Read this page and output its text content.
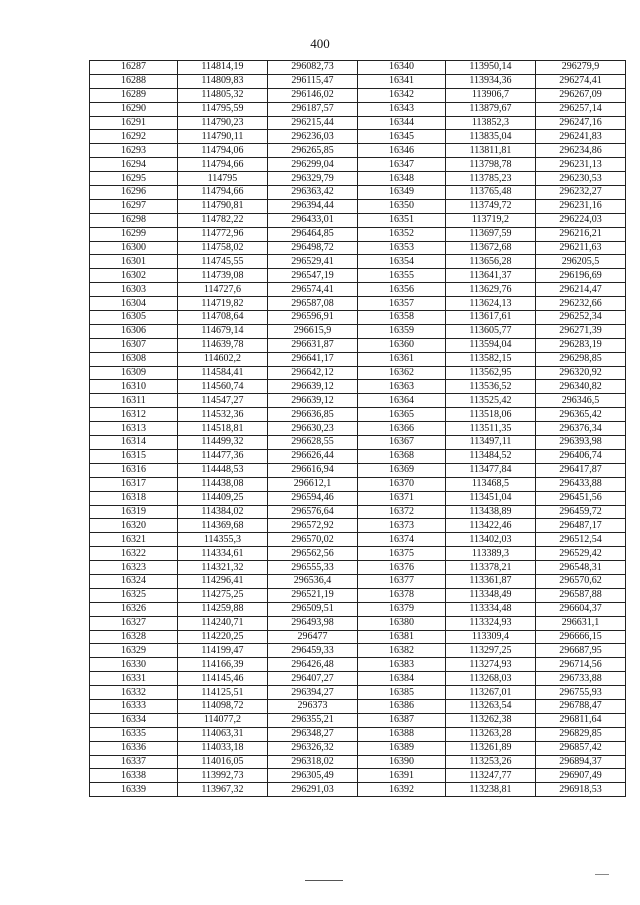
400
16287	114814,19	296082,73	16340	113950,14	296279,9
16288	114809,83	296115,47	16341	113934,36	296274,41
16289	114805,32	296146,02	16342	113906,7	296267,09
16290	114795,59	296187,57	16343	113879,67	296257,14
16291	114790,23	296215,44	16344	113852,3	296247,16
16292	114790,11	296236,03	16345	113835,04	296241,83
16293	114794,06	296265,85	16346	113811,81	296234,86
16294	114794,66	296299,04	16347	113798,78	296231,13
16295	114795	296329,79	16348	113785,23	296230,53
16296	114794,66	296363,42	16349	113765,48	296232,27
16297	114790,81	296394,44	16350	113749,72	296231,16
16298	114782,22	296433,01	16351	113719,2	296224,03
16299	114772,96	296464,85	16352	113697,59	296216,21
16300	114758,02	296498,72	16353	113672,68	296211,63
16301	114745,55	296529,41	16354	113656,28	296205,5
16302	114739,08	296547,19	16355	113641,37	296196,69
16303	114727,6	296574,41	16356	113629,76	296214,47
16304	114719,82	296587,08	16357	113624,13	296232,66
16305	114708,64	296596,91	16358	113617,61	296252,34
16306	114679,14	296615,9	16359	113605,77	296271,39
16307	114639,78	296631,87	16360	113594,04	296283,19
16308	114602,2	296641,17	16361	113582,15	296298,85
16309	114584,41	296642,12	16362	113562,95	296320,92
16310	114560,74	296639,12	16363	113536,52	296340,82
16311	114547,27	296639,12	16364	113525,42	296346,5
16312	114532,36	296636,85	16365	113518,06	296365,42
16313	114518,81	296630,23	16366	113511,35	296376,34
16314	114499,32	296628,55	16367	113497,11	296393,98
16315	114477,36	296626,44	16368	113484,52	296406,74
16316	114448,53	296616,94	16369	113477,84	296417,87
16317	114438,08	296612,1	16370	113468,5	296433,88
16318	114409,25	296594,46	16371	113451,04	296451,56
16319	114384,02	296576,64	16372	113438,89	296459,72
16320	114369,68	296572,92	16373	113422,46	296487,17
16321	114355,3	296570,02	16374	113402,03	296512,54
16322	114334,61	296562,56	16375	113389,3	296529,42
16323	114321,32	296555,33	16376	113378,21	296548,31
16324	114296,41	296536,4	16377	113361,87	296570,62
16325	114275,25	296521,19	16378	113348,49	296587,88
16326	114259,88	296509,51	16379	113334,48	296604,37
16327	114240,71	296493,98	16380	113324,93	296631,1
16328	114220,25	296477	16381	113309,4	296666,15
16329	114199,47	296459,33	16382	113297,25	296687,95
16330	114166,39	296426,48	16383	113274,93	296714,56
16331	114145,46	296407,27	16384	113268,03	296733,88
16332	114125,51	296394,27	16385	113267,01	296755,93
16333	114098,72	296373	16386	113263,54	296788,47
16334	114077,2	296355,21	16387	113262,38	296811,64
16335	114063,31	296348,27	16388	113263,28	296829,85
16336	114033,18	296326,32	16389	113261,89	296857,42
16337	114016,05	296318,02	16390	113253,26	296894,37
16338	113992,73	296305,49	16391	113247,77	296907,49
16339	113967,32	296291,03	16392	113238,81	296918,53
